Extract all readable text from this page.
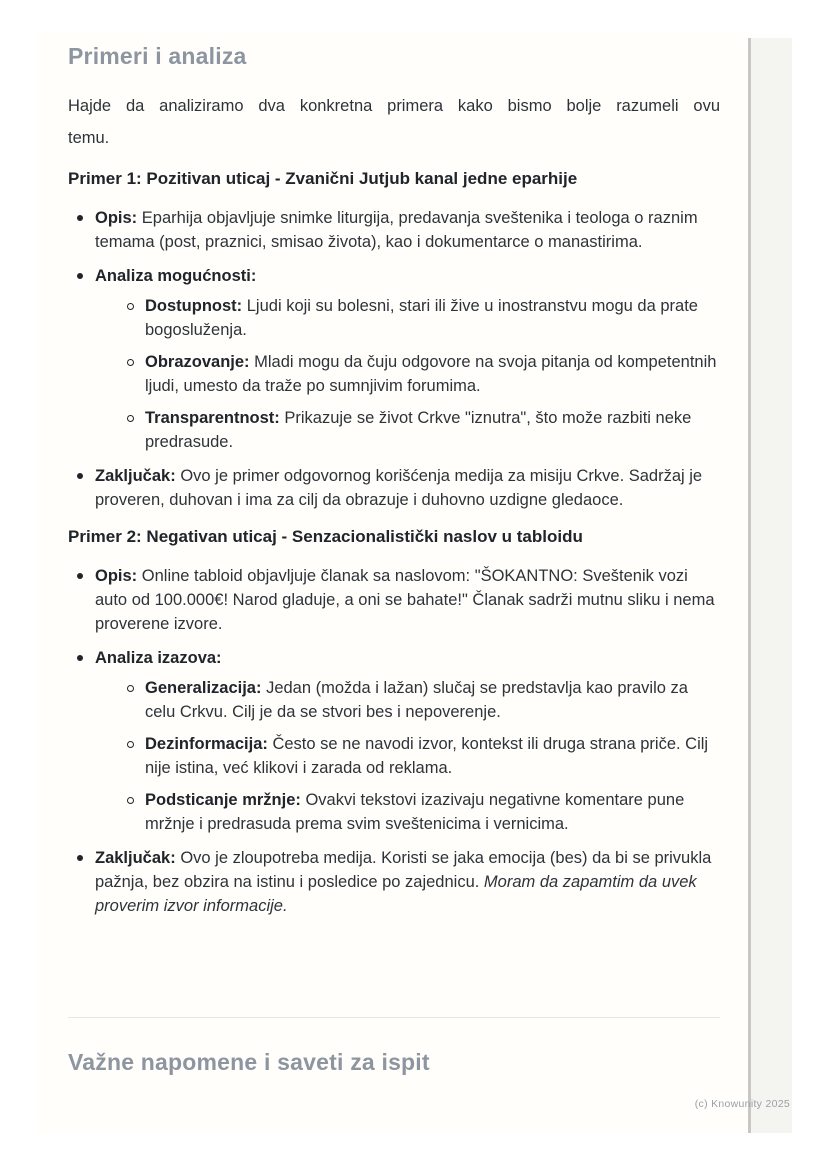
Primeri i analiza

Hajde da analiziramo dva konkretna primera kako bismo bolje razumeli ovu
temu.

Primer 1: Pozitivan uticaj - Zvanični Jutjub kanal jedne eparhije
Opis: Eparhija objavljuje snimke liturgija, predavanja sveštenika i teologa o raznim temama (post, praznici, smisao života), kao i dokumentarce o manastirima.
Analiza mogućnosti:
Dostupnost: Ljudi koji su bolesni, stari ili žive u inostranstvu mogu da prate bogosluženja.
Obrazovanje: Mladi mogu da čuju odgovore na svoja pitanja od kompetentnih ljudi, umesto da traže po sumnjivim forumima.
Transparentnost: Prikazuje se život Crkve "iznutra", što može razbiti neke predrasude.
Zaključak: Ovo je primer odgovornog korišćenja medija za misiju Crkve. Sadržaj je proveren, duhovan i ima za cilj da obrazuje i duhovno uzdigne gledaoce.
Primer 2: Negativan uticaj - Senzacionalistički naslov u tabloidu
Opis: Online tabloid objavljuje članak sa naslovom: "ŠOKANTNO: Sveštenik vozi auto od 100.000€! Narod gladuje, a oni se bahate!" Članak sadrži mutnu sliku i nema proverene izvore.
Analiza izazova:
Generalizacija: Jedan (možda i lažan) slučaj se predstavlja kao pravilo za celu Crkvu. Cilj je da se stvori bes i nepoverenje.
Dezinformacija: Često se ne navodi izvor, kontekst ili druga strana priče. Cilj nije istina, već klikovi i zarada od reklama.
Podsticanje mržnje: Ovakvi tekstovi izazivaju negativne komentare pune mržnje i predrasuda prema svim sveštenicima i vernicima.
Zaključak: Ovo je zloupotreba medija. Koristi se jaka emocija (bes) da bi se privukla pažnja, bez obzira na istinu i posledice po zajednicu. Moram da zapamtim da uvek proverim izvor informacije.
Važne napomene i saveti za ispit
(c) Knowunity 2025
